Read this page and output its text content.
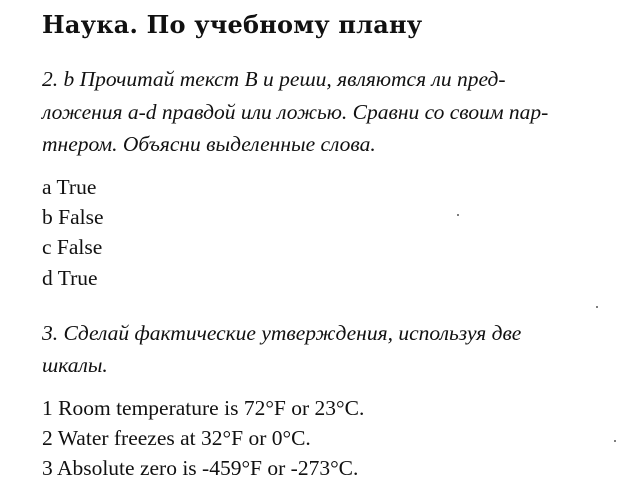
Наука. По учебному плану
2. b Прочитай текст B и реши, являются ли пред-
ложения a-d правдой или ложью. Сравни со своим пар-
тнером. Объясни выделенные слова.
a True
b False
c False
d True
3. Сделай фактические утверждения, используя две
шкалы.
1 Room temperature is 72°F or 23°C.
2 Water freezes at 32°F or 0°C.
3 Absolute zero is -459°F or -273°C.
